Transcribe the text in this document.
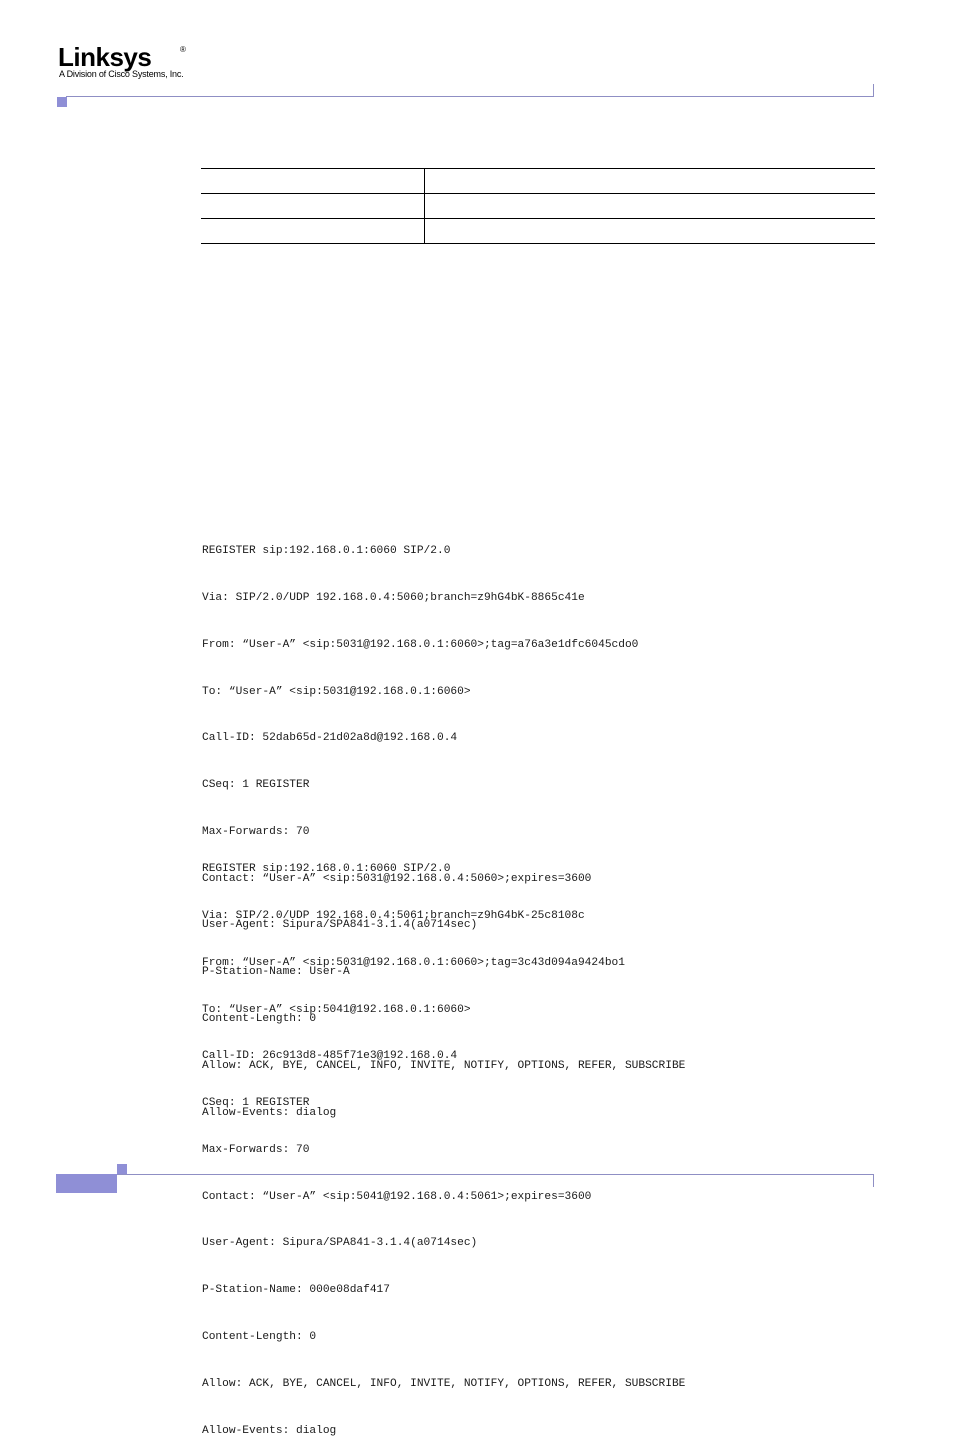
Linksys	®
A Division of Cisco Systems, Inc.

REGISTER sip:192.168.0.1:6060 SIP/2.0

Via: SIP/2.0/UDP 192.168.0.4:5060;branch=z9hG4bK-8865c41e

From: “User-A” <sip:5031@192.168.0.1:6060>;tag=a76a3e1dfc6045cdo0

To: “User-A” <sip:5031@192.168.0.1:6060>

Call-ID: 52dab65d-21d02a8d@192.168.0.4

CSeq: 1 REGISTER

Max-Forwards: 70

Contact: “User-A” <sip:5031@192.168.0.4:5060>;expires=3600

User-Agent: Sipura/SPA841-3.1.4(a0714sec)

P-Station-Name: User-A

Content-Length: 0

Allow: ACK, BYE, CANCEL, INFO, INVITE, NOTIFY, OPTIONS, REFER, SUBSCRIBE

Allow-Events: dialog

REGISTER sip:192.168.0.1:6060 SIP/2.0

Via: SIP/2.0/UDP 192.168.0.4:5061;branch=z9hG4bK-25c8108c

From: “User-A” <sip:5031@192.168.0.1:6060>;tag=3c43d094a9424bo1

To: “User-A” <sip:5041@192.168.0.1:6060>

Call-ID: 26c913d8-485f71e3@192.168.0.4

CSeq: 1 REGISTER

Max-Forwards: 70

Contact: “User-A” <sip:5041@192.168.0.4:5061>;expires=3600

User-Agent: Sipura/SPA841-3.1.4(a0714sec)

P-Station-Name: 000e08daf417

Content-Length: 0

Allow: ACK, BYE, CANCEL, INFO, INVITE, NOTIFY, OPTIONS, REFER, SUBSCRIBE

Allow-Events: dialog
